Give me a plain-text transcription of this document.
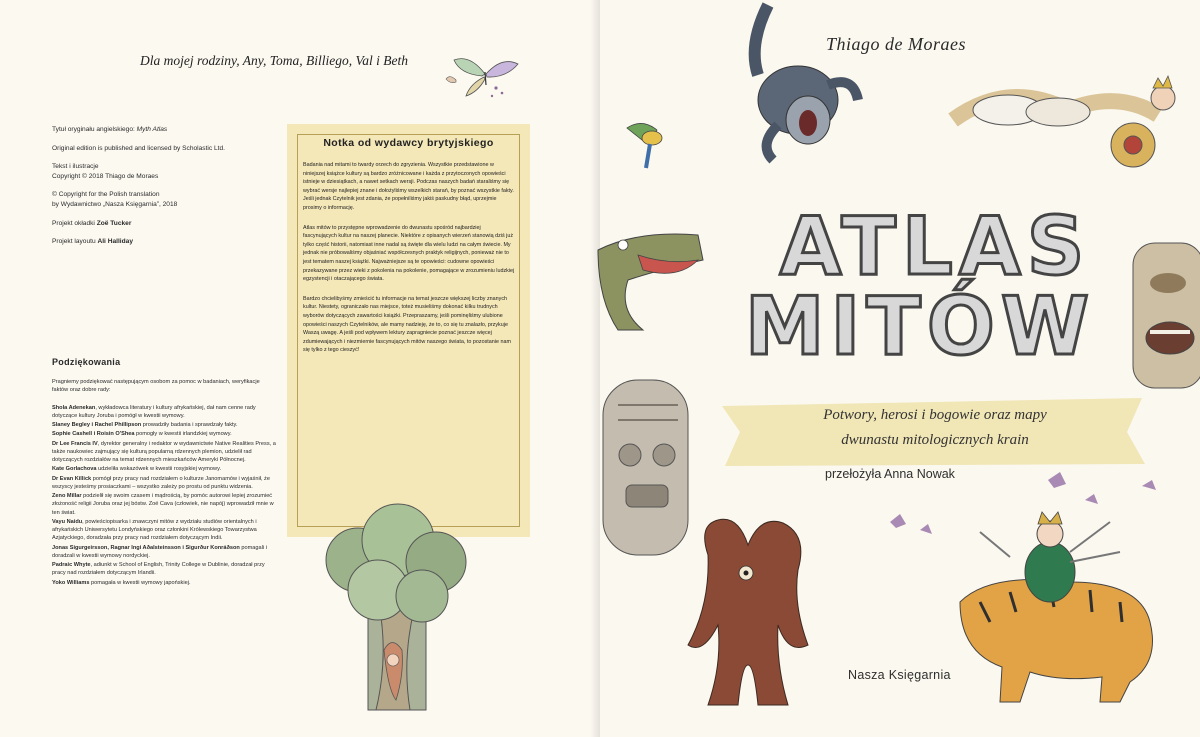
Dla mojej rodziny, Any, Toma, Billiego, Val i Beth

Tytuł oryginału angielskiego: Myth Atlas

Original edition is published and licensed by Scholastic Ltd.

Tekst i ilustracje
Copyright © 2018 Thiago de Moraes

© Copyright for the Polish translation
by Wydawnictwo „Nasza Księgarnia”, 2018

Projekt okładki Zoë Tucker

Projekt layoutu Ali Halliday

Podziękowania

Pragniemy podziękować następującym osobom za pomoc w badaniach, weryfikacje faktów oraz dobre rady:

Shola Adenekan, wykładowca literatury i kultury afrykańskiej, dał nam cenne rady dotyczące kultury Joruba i pomógł w kwestii wymowy.

Slaney Begley i Rachel Phillipson prowadziły badania i sprawdzały fakty.

Sophie Cashell i Roisin O'Shea pomogły w kwestii irlandzkiej wymowy.

Dr Lee Francis IV, dyrektor generalny i redaktor w wydawnictwie Native Realities Press, a także naukowiec zajmujący się kulturą popularną rdzennych plemion, udzielił rad dotyczących rozdziałów na temat rdzennych mieszkańców Ameryki Północnej.

Kate Gorlachova udzieliła wskazówek w kwestii rosyjskiej wymowy.

Dr Evan Killick pomógł przy pracy nad rozdziałem o kulturze Janomamów i wyjaśnił, że wszyscy jesteśmy prosiaczkami – wszystko zależy po prostu od punktu widzenia.

Zeno Millar podzielił się swoim czasem i mądrością, by pomóc autorowi lepiej zrozumieć złożoność religii Joruba oraz jej bóstw. Zoë Cava (człowiek, nie napój) wprowadził mnie w ten świat.

Vayu Naidu, powieściopisarka i znawczyni mitów z wydziału studiów orientalnych i afrykańskich Uniwersytetu Londyńskiego oraz członkini Królewskiego Towarzystwa Azjatyckiego, doradzała przy pracy nad rozdziałem dotyczącym Indii.

Jonas Sigurgeirsson, Ragnar Ingi Aðalsteinsson i Sigurður Konráðson pomagali i doradzali w kwestii wymowy nordyckiej.

Padraic Whyte, adiunkt w School of English, Trinity College w Dublinie, doradzał przy pracy nad rozdziałem dotyczącym Irlandii.

Yoko Williams pomagała w kwestii wymowy japońskiej.

Notka od wydawcy brytyjskiego

Badania nad mitami to twardy orzech do zgryzienia. Wszystkie przedstawione w niniejszej książce kultury są bardzo zróżnicowane i każda z przytoczonych opowieści istnieje w dziesiątkach, a nawet setkach wersji. Podczas naszych badań staraliśmy się wybrać wersje najlepiej znane i dołożyliśmy wszelkich starań, by poznać wszystkie fakty. Jeśli jednak Czytelnik jest zdania, że popełniliśmy jakiś paskudny błąd, uprzejmie prosimy o informację.

Atlas mitów to przystępne wprowadzenie do dwunastu spośród najbardziej fascynujących kultur na naszej planecie. Niektóre z opisanych wierzeń stanowią dziś już tylko część historii, natomiast inne nadal są święte dla wielu ludzi na całym świecie. My jednak nie próbowaliśmy objaśniać współczesnych praktyk religijnych, ponieważ nie to jest tematem naszej książki. Najważniejsze są te opowieści: cudowne opowieści przekazywane przez wieki z pokolenia na pokolenie, pomagające w zrozumieniu ludzkiej egzystencji i otaczającego świata.

Bardzo chcielibyśmy zmieścić tu informacje na temat jeszcze większej liczby znanych kultur. Niestety, ograniczało nas miejsce, toteż musieliśmy dokonać kilku trudnych wyborów dotyczących zawartości książki. Przepraszamy, jeśli pominęliśmy ulubione opowieści naszych Czytelników, ale mamy nadzieję, że to, co się tu znalazło, przykuje Waszą uwagę. A jeśli pod wpływem lektury zapragniecie poznać jeszcze więcej zdumiewających i niezmiernie fascynujących mitów naszego świata, to pozostanie nam się tylko z tego cieszyć!

Thiago de Moraes
ATLAS
MITÓW
Potwory, herosi i bogowie oraz mapy
dwunastu mitologicznych krain
przełożyła Anna Nowak
Nasza Księgarnia
